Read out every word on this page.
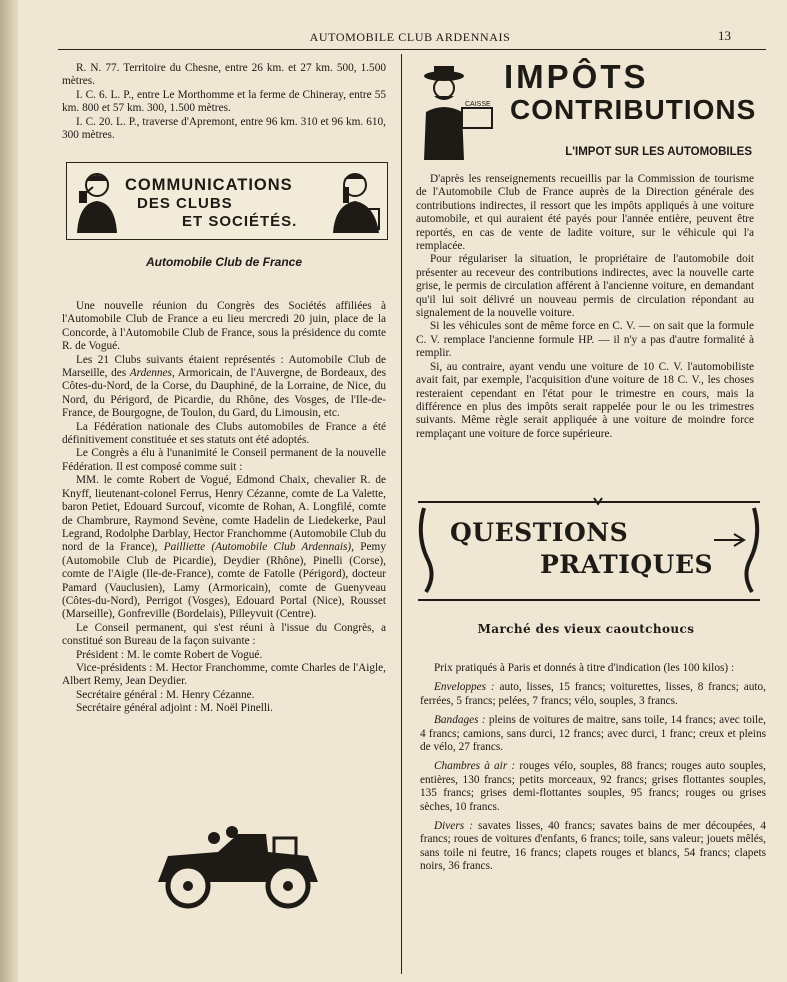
AUTOMOBILE CLUB ARDENNAIS	13

R. N. 77. Territoire du Chesne, entre 26 km. et 27 km. 500, 1.500 mètres.

I. C. 6. L. P., entre Le Morthomme et la ferme de Chineray, entre 55 km. 800 et 57 km. 300, 1.500 mètres.

I. C. 20. L. P., traverse d'Apremont, entre 96 km. 310 et 96 km. 610, 300 mètres.

COMMUNICATIONS
DES CLUBS
ET SOCIÉTÉS.
Automobile Club de France

Une nouvelle réunion du Congrès des Sociétés affiliées à l'Automobile Club de France a eu lieu mercredi 20 juin, place de la Concorde, à l'Automobile Club de France, sous la présidence du comte R. de Vogué.

Les 21 Clubs suivants étaient représentés : Automobile Club de Marseille, des Ardennes, Armoricain, de l'Auvergne, de Bordeaux, des Côtes-du-Nord, de la Corse, du Dauphiné, de la Lorraine, de Nice, du Nord, du Périgord, de Picardie, du Rhône, des Vosges, de l'Ile-de-France, de Bourgogne, de Toulon, du Gard, du Limousin, etc.

La Fédération nationale des Clubs automobiles de France a été définitivement constituée et ses statuts ont été adoptés.

Le Congrès a élu à l'unanimité le Conseil permanent de la nouvelle Fédération. Il est composé comme suit :

MM. le comte Robert de Vogué, Edmond Chaix, chevalier R. de Knyff, lieutenant-colonel Ferrus, Henry Cézanne, comte de La Valette, baron Petiet, Edouard Surcouf, vicomte de Rohan, A. Longfilé, comte de Chambrure, Raymond Sevène, comte Hadelin de Liedekerke, Paul Legrand, Rodolphe Darblay, Hector Franchomme (Automobile Club du nord de la France), Pailliette (Automobile Club Ardennais), Pemy (Automobile Club de Picardie), Deydier (Rhône), Pinelli (Corse), comte de l'Aigle (Ile-de-France), comte de Fatolle (Périgord), docteur Pamard (Vauclusien), Lamy (Armoricain), comte de Guenyveau (Côtes-du-Nord), Perrigot (Vosges), Edouard Portal (Nice), Rousset (Marseille), Gonfreville (Bordelais), Pilleyvuit (Centre).

Le Conseil permanent, qui s'est réuni à l'issue du Congrès, a constitué son Bureau de la façon suivante :

Président : M. le comte Robert de Vogué.

Vice-présidents : M. Hector Franchomme, comte Charles de l'Aigle, Albert Remy, Jean Deydier.

Secrétaire général : M. Henry Cézanne.

Secrétaire général adjoint : M. Noël Pinelli.

CAISSE
IMPÔTS
CONTRIBUTIONS
L'IMPOT SUR LES AUTOMOBILES

D'après les renseignements recueillis par la Commission de tourisme de l'Automobile Club de France auprès de la Direction générale des contributions indirectes, il ressort que les impôts appliqués à une voiture automobile, et qui auraient été payés pour l'année entière, peuvent être reportés, en cas de vente de ladite voiture, sur le véhicule qui l'a remplacée.

Pour régulariser la situation, le propriétaire de l'automobile doit présenter au receveur des contributions indirectes, avec la nouvelle carte grise, le permis de circulation afférent à l'ancienne voiture, en demandant qu'il lui soit délivré un nouveau permis de circulation répondant au signalement de la nouvelle voiture.

Si les véhicules sont de même force en C. V. — on sait que la formule C. V. remplace l'ancienne formule HP. — il n'y a pas d'autre formalité à remplir.

Si, au contraire, ayant vendu une voiture de 10 C. V. l'automobiliste avait fait, par exemple, l'acquisition d'une voiture de 18 C. V., les choses resteraient cependant en l'état pour le trimestre en cours, mais la différence en plus des impôts serait rappelée pour le ou les trimestres suivants. Même règle serait appliquée à une voiture de moindre force remplaçant une voiture de force supérieure.

QUESTIONS
PRATIQUES
Marché des vieux caoutchoucs

Prix pratiqués à Paris et donnés à titre d'indication (les 100 kilos) :

Enveloppes : auto, lisses, 15 francs; voiturettes, lisses, 8 francs; auto, ferrées, 5 francs; pelées, 7 francs; vélo, souples, 3 francs.

Bandages : pleins de voitures de maitre, sans toile, 14 francs; avec toile, 4 francs; camions, sans durci, 12 francs; avec durci, 1 franc; creux et pleins de vélo, 27 francs.

Chambres à air : rouges vélo, souples, 88 francs; rouges auto souples, entières, 130 francs; petits morceaux, 92 francs; grises flottantes souples, 135 francs; grises demi-flottantes souples, 95 francs; rouges ou grises sèches, 10 francs.

Divers : savates lisses, 40 francs; savates bains de mer découpées, 4 francs; roues de voitures d'enfants, 6 francs; toile, sans valeur; jouets mêlés, sans toile ni feutre, 16 francs; clapets rouges et blancs, 54 francs; clapets noirs, 36 francs.
